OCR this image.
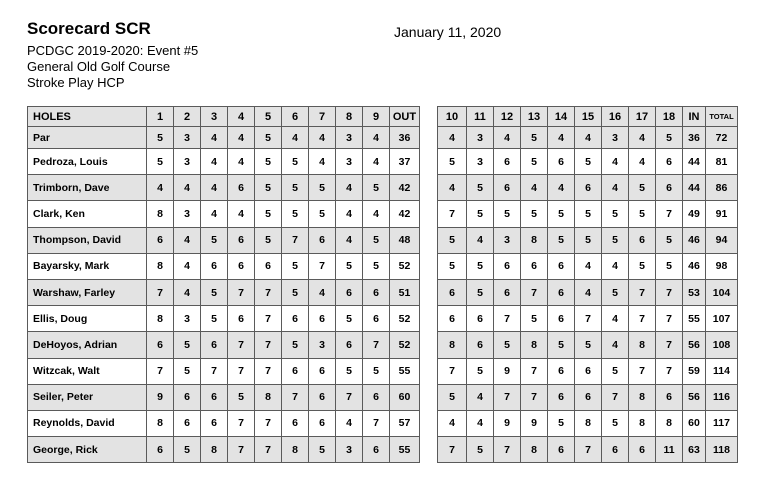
Scorecard SCR	January 11, 2020
PCDGC 2019-2020: Event #5
General Old Golf Course
Stroke Play HCP
HOLES	1	2	3	4	5	6	7	8	9	OUT
Par	5	3	4	4	5	4	4	3	4	36
Pedroza, Louis	5	3	4	4	5	5	4	3	4	37
Trimborn, Dave	4	4	4	6	5	5	5	4	5	42
Clark, Ken	8	3	4	4	5	5	5	4	4	42
Thompson, David	6	4	5	6	5	7	6	4	5	48
Bayarsky, Mark	8	4	6	6	6	5	7	5	5	52
Warshaw, Farley	7	4	5	7	7	5	4	6	6	51
Ellis, Doug	8	3	5	6	7	6	6	5	6	52
DeHoyos, Adrian	6	5	6	7	7	5	3	6	7	52
Witzcak, Walt	7	5	7	7	7	6	6	5	5	55
Seiler, Peter	9	6	6	5	8	7	6	7	6	60
Reynolds, David	8	6	6	7	7	6	6	4	7	57
George, Rick	6	5	8	7	7	8	5	3	6	55
10	11	12	13	14	15	16	17	18	IN	TOTAL
4	3	4	5	4	4	3	4	5	36	72
5	3	6	5	6	5	4	4	6	44	81
4	5	6	4	4	6	4	5	6	44	86
7	5	5	5	5	5	5	5	7	49	91
5	4	3	8	5	5	5	6	5	46	94
5	5	6	6	6	4	4	5	5	46	98
6	5	6	7	6	4	5	7	7	53	104
6	6	7	5	6	7	4	7	7	55	107
8	6	5	8	5	5	4	8	7	56	108
7	5	9	7	6	6	5	7	7	59	114
5	4	7	7	6	6	7	8	6	56	116
4	4	9	9	5	8	5	8	8	60	117
7	5	7	8	6	7	6	6	11	63	118
